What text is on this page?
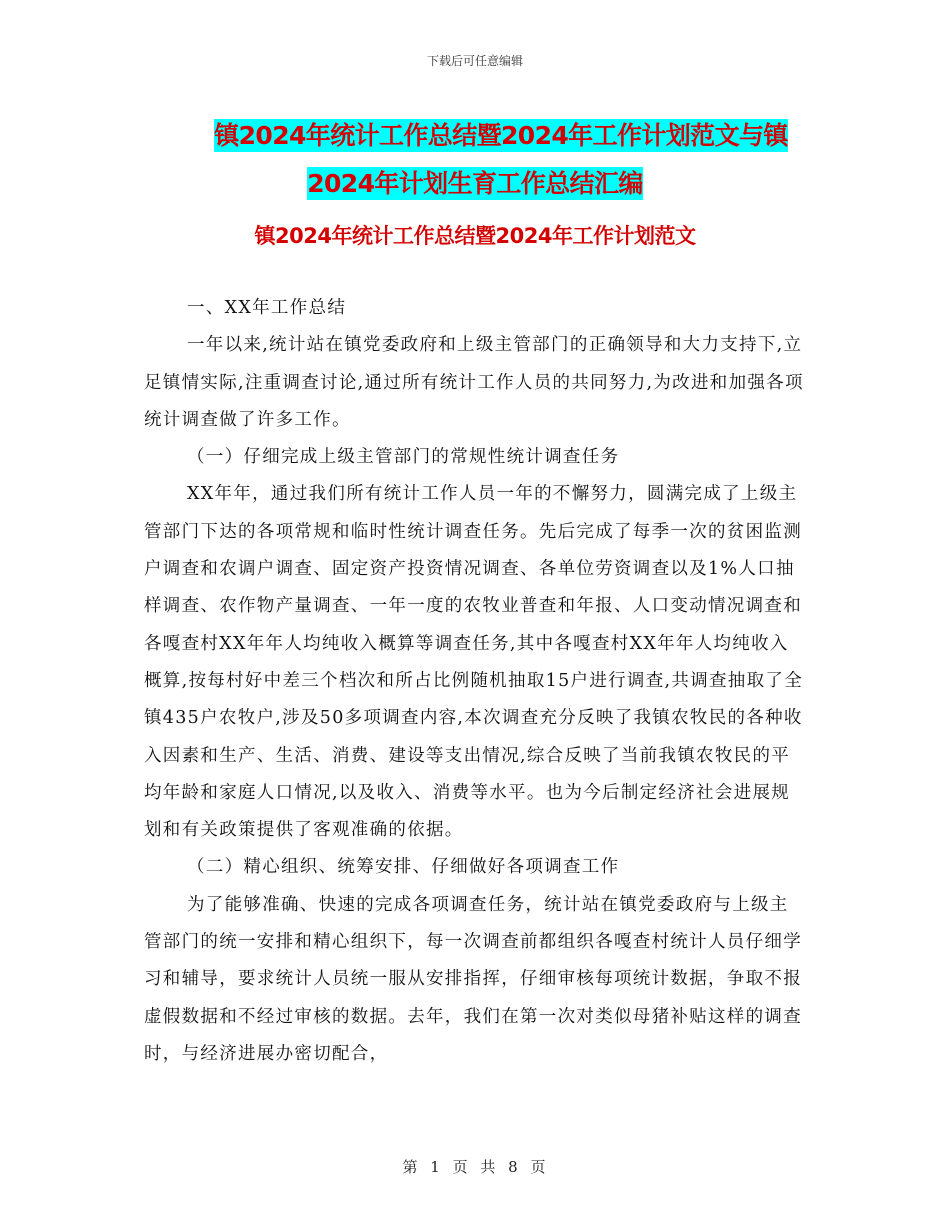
下载后可任意编辑
镇2024年统计工作总结暨2024年工作计划范文与镇
2024年计划生育工作总结汇编
镇2024年统计工作总结暨2024年工作计划范文

一、XX年工作总结

一年以来,统计站在镇党委政府和上级主管部门的正确领导和大力支持下,立足镇情实际,注重调查讨论,通过所有统计工作人员的共同努力,为改进和加强各项统计调查做了许多工作。

（一）仔细完成上级主管部门的常规性统计调查任务

XX年年，通过我们所有统计工作人员一年的不懈努力，圆满完成了上级主管部门下达的各项常规和临时性统计调查任务。先后完成了每季一次的贫困监测户调查和农调户调查、固定资产投资情况调查、各单位劳资调查以及1%人口抽样调查、农作物产量调查、一年一度的农牧业普查和年报、人口变动情况调查和各嘎查村XX年年人均纯收入概算等调查任务,其中各嘎查村XX年年人均纯收入概算,按每村好中差三个档次和所占比例随机抽取15户进行调查,共调查抽取了全镇435户农牧户,涉及50多项调查内容,本次调查充分反映了我镇农牧民的各种收入因素和生产、生活、消费、建设等支出情况,综合反映了当前我镇农牧民的平均年龄和家庭人口情况,以及收入、消费等水平。也为今后制定经济社会进展规划和有关政策提供了客观准确的依据。

（二）精心组织、统筹安排、仔细做好各项调查工作

为了能够准确、快速的完成各项调查任务，统计站在镇党委政府与上级主管部门的统一安排和精心组织下，每一次调查前都组织各嘎查村统计人员仔细学习和辅导，要求统计人员统一服从安排指挥，仔细审核每项统计数据，争取不报虚假数据和不经过审核的数据。去年，我们在第一次对类似母猪补贴这样的调查时，与经济进展办密切配合，

第 1 页 共 8 页
